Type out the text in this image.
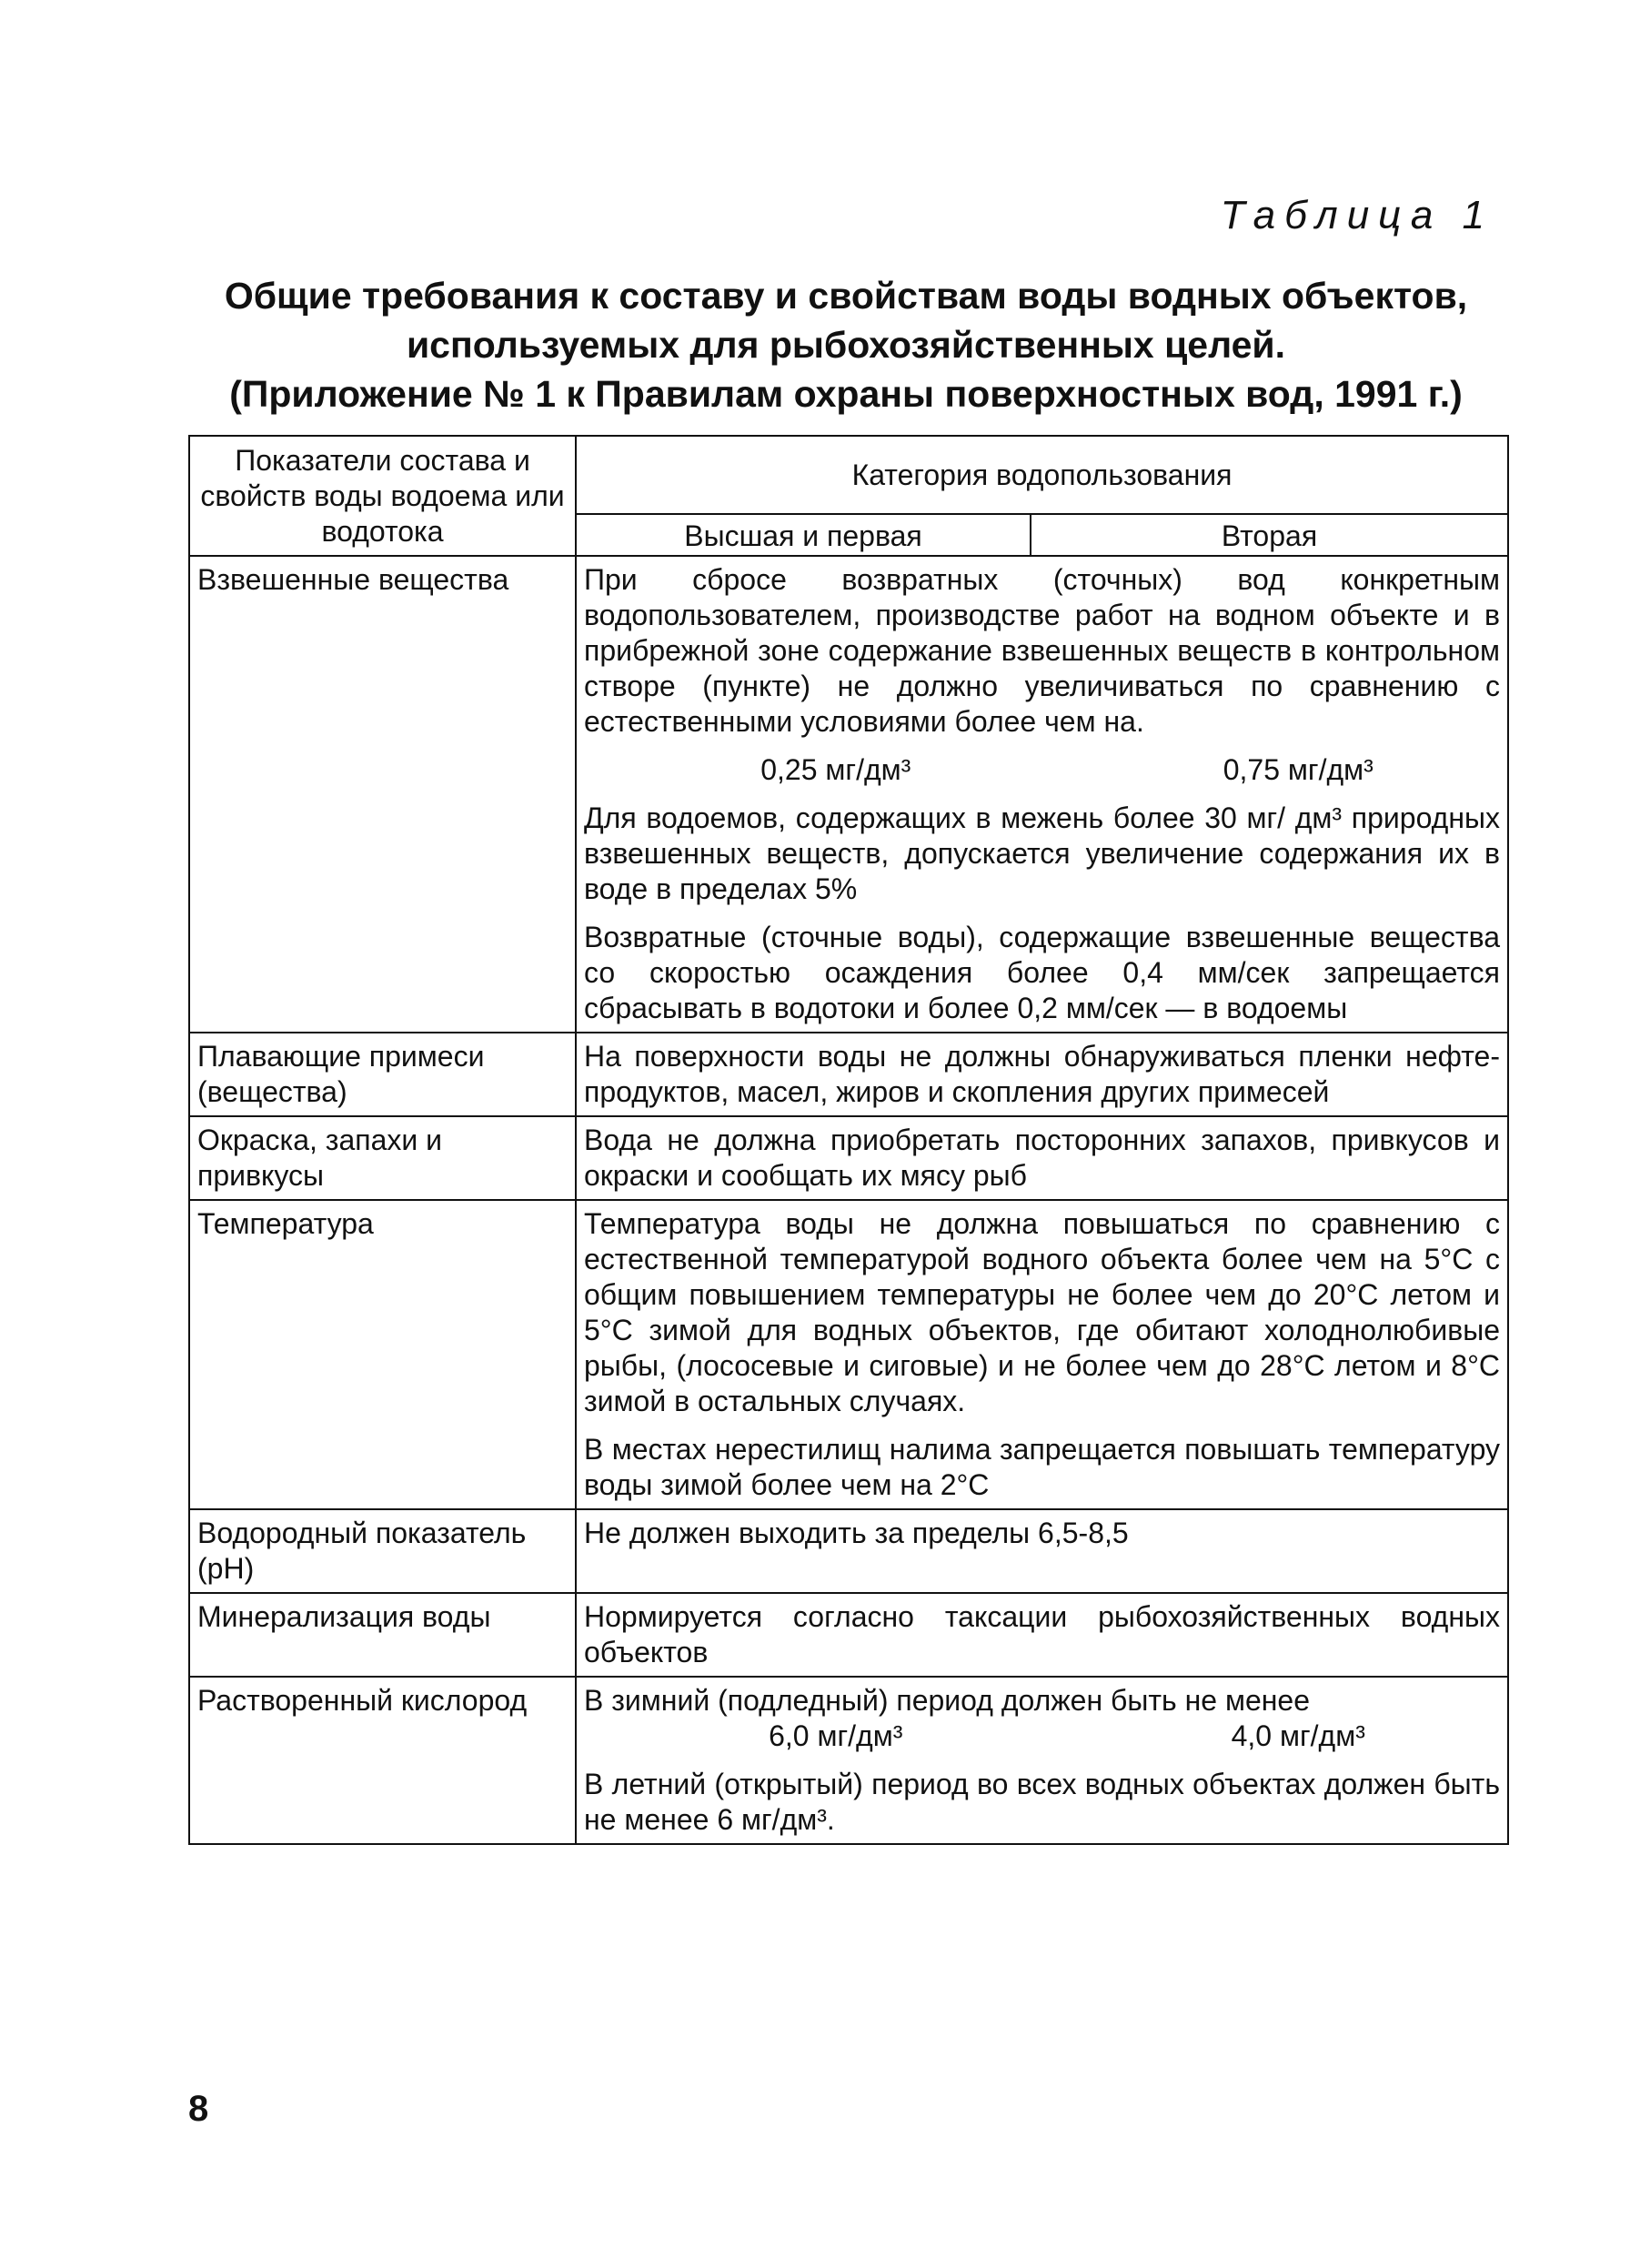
Таблица 1
Общие требования к составу и свойствам воды водных объектов,
используемых для рыбохозяйственных целей.
(Приложение № 1 к Правилам охраны поверхностных вод, 1991 г.)
Показатели состава и свойств воды водоема или водотока	Категория водопользования	
	Высшая и первая	Вторая
Взвешенные вещества	При сбросе возвратных (сточных) вод конкретным водопользователем, производстве работ на водном объекте и в прибрежной зоне содержание взвешенных веществ в контрольном створе (пункте) не должно увеличиваться по сравнению с естественными условиями более чем на.
0,25 мг/дм³ 0,75 мг/дм³
Для водоемов, содержащих в межень более 30 мг/ дм³ природных взвешенных веществ, допускается увеличение содержания их в воде в пределах 5%
Возвратные (сточные воды), содержащие взвешенные вещества со скоростью осаждения более 0,4 мм/сек запрещается сбрасывать в водотоки и более 0,2 мм/сек — в водоемы	

Плавающие примеси (вещества)	На поверхности воды не должны обнаруживаться пленки нефте-продуктов, масел, жиров и скопления других примесей	
Окраска, запахи и привкусы	Вода не должна приобретать посторонних запахов, привкусов и окраски и сообщать их мясу рыб	
Температура	Температура воды не должна повышаться по сравнению с естественной температурой водного объекта более чем на 5°C с общим повышением температуры не более чем до 20°C летом и 5°C зимой для водных объектов, где обитают холоднолюбивые рыбы, (лососевые и сиговые) и не более чем до 28°C летом и 8°C зимой в остальных случаях.
В местах нерестилищ налима запрещается повышать температуру воды зимой более чем на 2°C	

Водородный показатель (pH)	Не должен выходить за пределы 6,5-8,5	
Минерализация воды	Нормируется согласно таксации рыбохозяйственных водных объектов	
Растворенный кислород	В зимний (подледный) период должен быть не менее
6,0 мг/дм³ 4,0 мг/дм³
В летний (открытый) период во всех водных объектах должен быть не менее 6 мг/дм³.	
8
